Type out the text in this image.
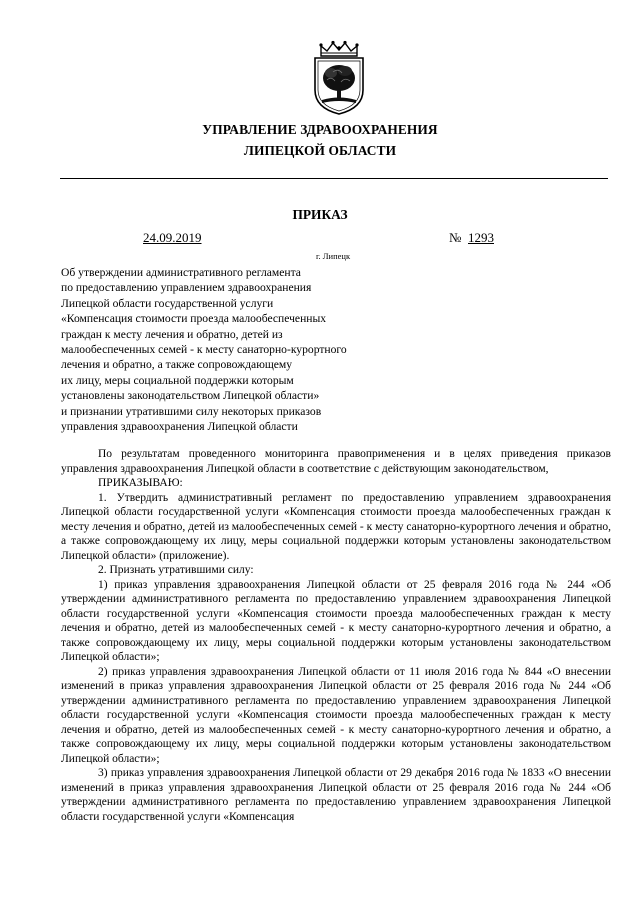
УПРАВЛЕНИЕ ЗДРАВООХРАНЕНИЯ
ЛИПЕЦКОЙ ОБЛАСТИ
ПРИКАЗ
24.09.2019	№ 1293
г. Липецк
Об утверждении административного регламента
по предоставлению управлением здравоохранения
Липецкой области государственной услуги
«Компенсация стоимости проезда малообеспеченных
граждан к месту лечения и обратно, детей из
малообеспеченных семей - к месту санаторно-курортного
лечения и обратно, а также сопровождающему
их лицу, меры социальной поддержки которым
установлены законодательством Липецкой области»
и признании утратившими силу некоторых приказов
управления здравоохранения Липецкой области

По результатам проведенного мониторинга правоприменения и в целях приведения приказов управления здравоохранения Липецкой области в соответствие с действующим законодательством,

ПРИКАЗЫВАЮ:

1. Утвердить административный регламент по предоставлению управлением здравоохранения Липецкой области государственной услуги «Компенсация стоимости проезда малообеспеченных граждан к месту лечения и обратно, детей из малообеспеченных семей - к месту санаторно-курортного лечения и обратно, а также сопровождающему их лицу, меры социальной поддержки которым установлены законодательством Липецкой области» (приложение).

2. Признать утратившими силу:

1) приказ управления здравоохранения Липецкой области от 25 февраля 2016 года № 244 «Об утверждении административного регламента по предоставлению управлением здравоохранения Липецкой области государственной услуги «Компенсация стоимости проезда малообеспеченных граждан к месту лечения и обратно, детей из малообеспеченных семей - к месту санаторно-курортного лечения и обратно, а также сопровождающему их лицу, меры социальной поддержки которым установлены законодательством Липецкой области»;

2) приказ управления здравоохранения Липецкой области от 11 июля 2016 года № 844 «О внесении изменений в приказ управления здравоохранения Липецкой области от 25 февраля 2016 года № 244 «Об утверждении административного регламента по предоставлению управлением здравоохранения Липецкой области государственной услуги «Компенсация стоимости проезда малообеспеченных граждан к месту лечения и обратно, детей из малообеспеченных семей - к месту санаторно-курортного лечения и обратно, а также сопровождающему их лицу, меры социальной поддержки которым установлены законодательством Липецкой области»;

3) приказ управления здравоохранения Липецкой области от 29 декабря 2016 года № 1833 «О внесении изменений в приказ управления здравоохранения Липецкой области от 25 февраля 2016 года № 244 «Об утверждении административного регламента по предоставлению управлением здравоохранения Липецкой области государственной услуги «Компенсация
